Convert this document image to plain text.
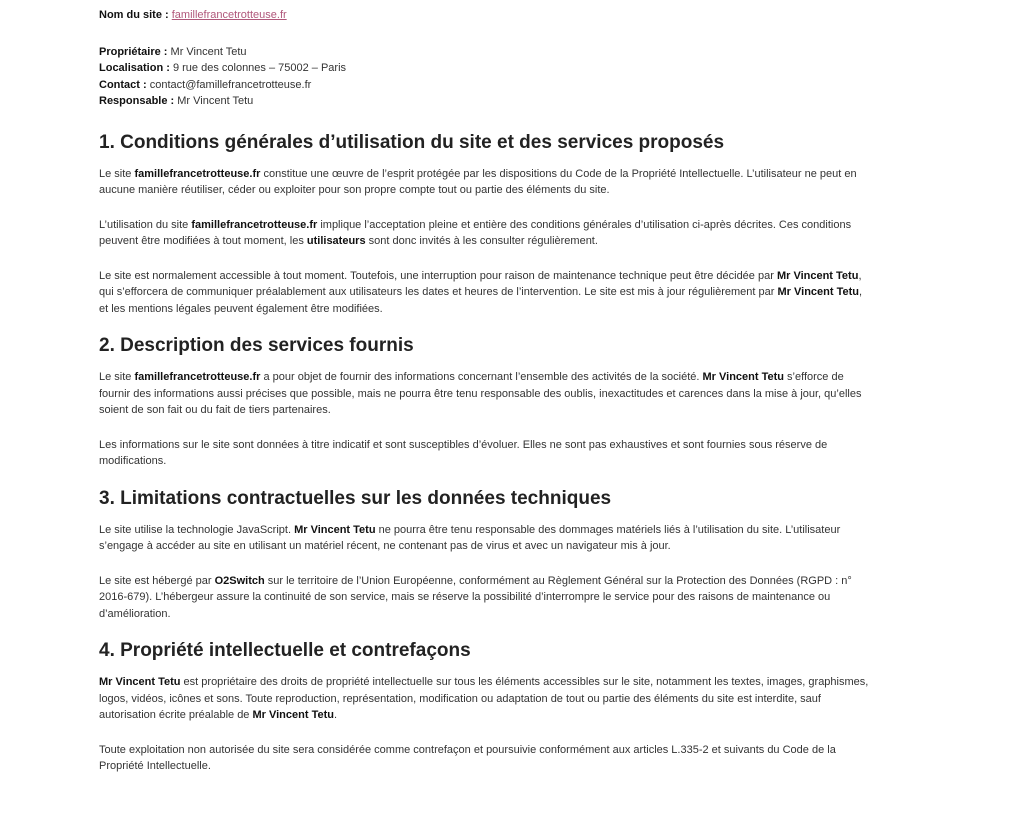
Nom du site : famillefrancetrotteuse.fr

Propriétaire : Mr Vincent Tetu

Localisation : 9 rue des colonnes – 75002 – Paris

Contact : contact@famillefrancetrotteuse.fr

Responsable : Mr Vincent Tetu

1. Conditions générales d’utilisation du site et des services proposés

Le site famillefrancetrotteuse.fr constitue une œuvre de l’esprit protégée par les dispositions du Code de la Propriété Intellectuelle. L’utilisateur ne peut en aucune manière réutiliser, céder ou exploiter pour son propre compte tout ou partie des éléments du site.

L’utilisation du site famillefrancetrotteuse.fr implique l’acceptation pleine et entière des conditions générales d’utilisation ci-après décrites. Ces conditions peuvent être modifiées à tout moment, les utilisateurs sont donc invités à les consulter régulièrement.

Le site est normalement accessible à tout moment. Toutefois, une interruption pour raison de maintenance technique peut être décidée par Mr Vincent Tetu, qui s’efforcera de communiquer préalablement aux utilisateurs les dates et heures de l’intervention. Le site est mis à jour régulièrement par Mr Vincent Tetu, et les mentions légales peuvent également être modifiées.

2. Description des services fournis

Le site famillefrancetrotteuse.fr a pour objet de fournir des informations concernant l’ensemble des activités de la société. Mr Vincent Tetu s’efforce de fournir des informations aussi précises que possible, mais ne pourra être tenu responsable des oublis, inexactitudes et carences dans la mise à jour, qu’elles soient de son fait ou du fait de tiers partenaires.

Les informations sur le site sont données à titre indicatif et sont susceptibles d’évoluer. Elles ne sont pas exhaustives et sont fournies sous réserve de modifications.

3. Limitations contractuelles sur les données techniques

Le site utilise la technologie JavaScript. Mr Vincent Tetu ne pourra être tenu responsable des dommages matériels liés à l’utilisation du site. L’utilisateur s’engage à accéder au site en utilisant un matériel récent, ne contenant pas de virus et avec un navigateur mis à jour.

Le site est hébergé par O2Switch sur le territoire de l’Union Européenne, conformément au Règlement Général sur la Protection des Données (RGPD : n° 2016-679). L’hébergeur assure la continuité de son service, mais se réserve la possibilité d’interrompre le service pour des raisons de maintenance ou d’amélioration.

4. Propriété intellectuelle et contrefaçons

Mr Vincent Tetu est propriétaire des droits de propriété intellectuelle sur tous les éléments accessibles sur le site, notamment les textes, images, graphismes, logos, vidéos, icônes et sons. Toute reproduction, représentation, modification ou adaptation de tout ou partie des éléments du site est interdite, sauf autorisation écrite préalable de Mr Vincent Tetu.

Toute exploitation non autorisée du site sera considérée comme contrefaçon et poursuivie conformément aux articles L.335-2 et suivants du Code de la Propriété Intellectuelle.
